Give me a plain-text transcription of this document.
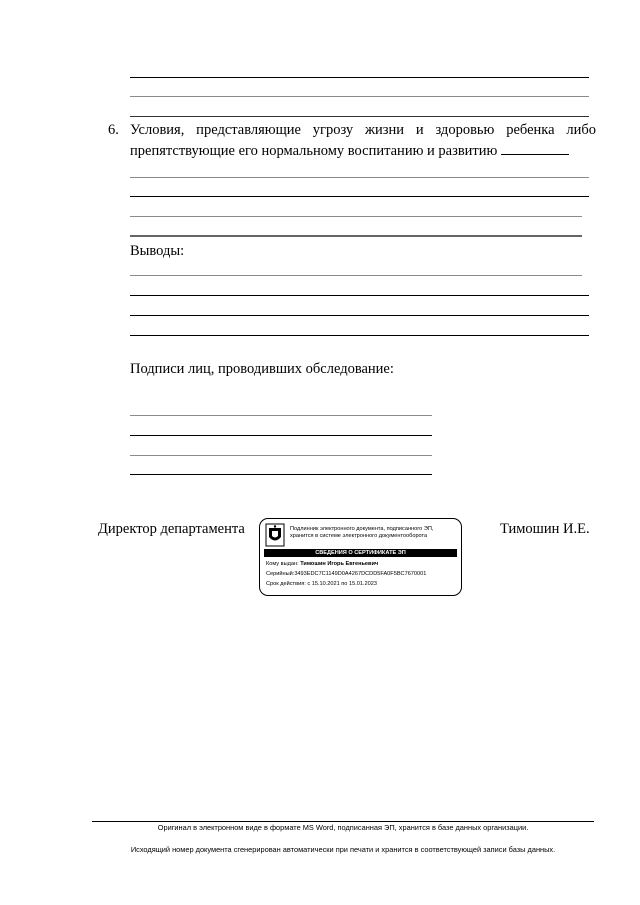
6. Условия, представляющие угрозу жизни и здоровью ребенка либо
препятствующие его нормальному воспитанию и развитию
Выводы:
Подписи лиц, проводивших обследование:
Директор департамента	Тимошин И.Е.
Подлинник электронного документа, подписанного ЭП, хранится в системе электронного документооборота
СВЕДЕНИЯ О СЕРТИФИКАТЕ ЭП
Кому выдан: Тимошин Игорь Евгеньевич
Серийный:3493EDC7C1149D0A4267DCDD5FA0F5BC7670001
Срок действия: с 15.10.2021 по 15.01.2023
Оригинал в электронном виде в формате MS Word, подписанная ЭП, хранится в базе данных организации.
Исходящий номер документа сгенерирован автоматически при печати и хранится в соответствующей записи базы данных.
